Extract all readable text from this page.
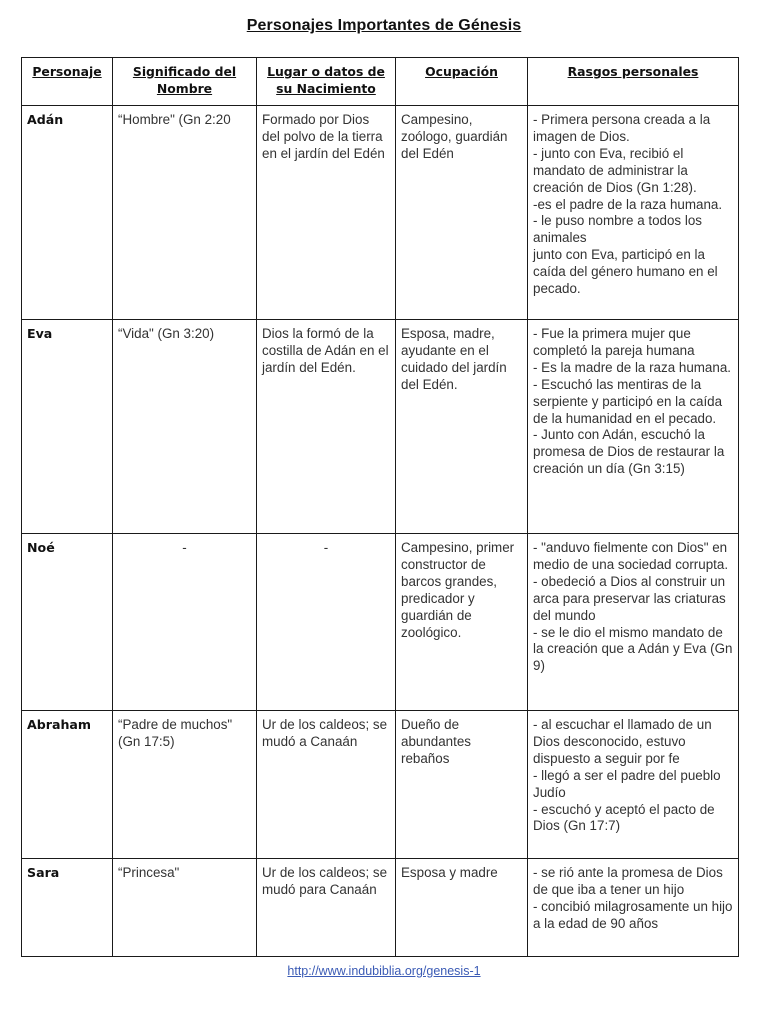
Personajes Importantes de Génesis
Personaje	Significado del Nombre	Lugar o datos de su Nacimiento	Ocupación	Rasgos personales
Adán	“Hombre" (Gn 2:20	Formado por Dios del polvo de la tierra en el jardín del Edén	Campesino, zoólogo, guardián del Edén	- Primera persona creada a la imagen de Dios.
- junto con Eva, recibió el mandato de administrar la creación de Dios (Gn 1:28).
-es el padre de la raza humana.
- le puso nombre a todos los animales
junto con Eva, participó en la caída del género humano en el pecado.

Eva	“Vida" (Gn 3:20)	Dios la formó de la costilla de Adán en el jardín del Edén.	Esposa, madre, ayudante en el cuidado del jardín del Edén.	- Fue la primera mujer que completó la pareja humana
- Es la madre de la raza humana.
- Escuchó las mentiras de la serpiente y participó en la caída de la humanidad en el pecado.
- Junto con Adán, escuchó la promesa de Dios de restaurar la creación un día (Gn 3:15)

Noé	-	-	Campesino, primer constructor de barcos grandes, predicador y guardián de zoológico.	- "anduvo fielmente con Dios" en medio de una sociedad corrupta.
- obedeció a Dios al construir un arca para preservar las criaturas del mundo
- se le dio el mismo mandato de la creación que a Adán y Eva (Gn 9)

Abraham	“Padre de muchos" (Gn 17:5)	Ur de los caldeos; se mudó a Canaán	Dueño de abundantes rebaños	- al escuchar el llamado de un Dios desconocido, estuvo dispuesto a seguir por fe
- llegó a ser el padre del pueblo Judío
- escuchó y aceptó el pacto de Dios (Gn 17:7)

Sara	“Princesa"	Ur de los caldeos; se mudó para Canaán	Esposa y madre	- se rió ante la promesa de Dios de que iba a tener un hijo
- concibió milagrosamente un hijo a la edad de 90 años
http://www.indubiblia.org/genesis-1
